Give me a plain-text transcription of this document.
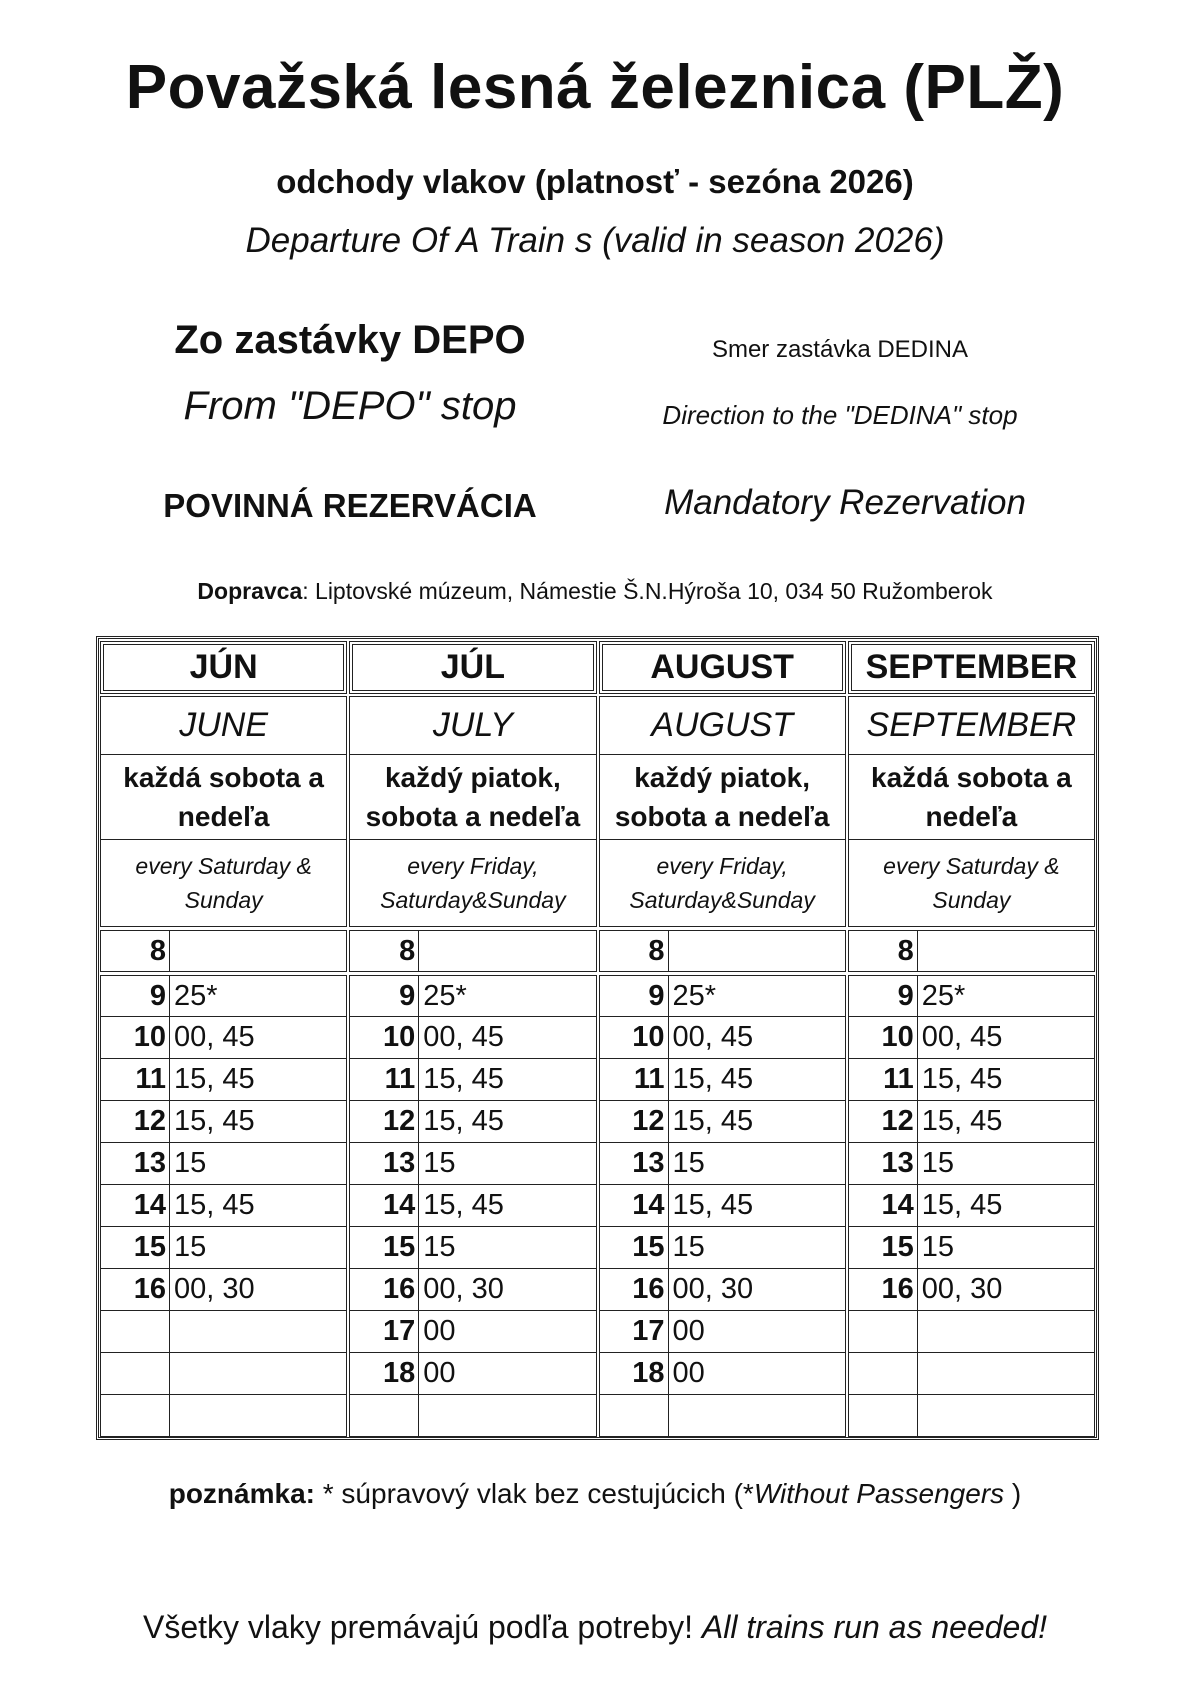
Považská lesná železnica (PLŽ)
odchody vlakov (platnosť - sezóna 2026)
Departure Of A Train s (valid in season 2026)
Zo zastávky DEPO
From "DEPO" stop
Smer zastávka DEDINA
Direction to the "DEDINA" stop
POVINNÁ REZERVÁCIA	Mandatory Rezervation
Dopravca: Liptovské múzeum, Námestie Š.N.Hýroša 10, 034 50 Ružomberok
JÚN
JUNE
každá sobota a
nedeľa
every Saturday &
Sunday
8
9 25*
10 00, 45
11 15, 45
12 15, 45
13 15
14 15, 45
15 15
16 00, 30
JÚL
JULY
každý piatok,
sobota a nedeľa
every Friday,
Saturday&Sunday
8
9 25*
10 00, 45
11 15, 45
12 15, 45
13 15
14 15, 45
15 15
16 00, 30
17 00
18 00
AUGUST
AUGUST
každý piatok,
sobota a nedeľa
every Friday,
Saturday&Sunday
8
9 25*
10 00, 45
11 15, 45
12 15, 45
13 15
14 15, 45
15 15
16 00, 30
17 00
18 00
SEPTEMBER
SEPTEMBER
každá sobota a
nedeľa
every Saturday &
Sunday
8
9 25*
10 00, 45
11 15, 45
12 15, 45
13 15
14 15, 45
15 15
16 00, 30
poznámka: * súpravový vlak bez cestujúcich (*Without Passengers )
Všetky vlaky premávajú podľa potreby! All trains run as needed!
